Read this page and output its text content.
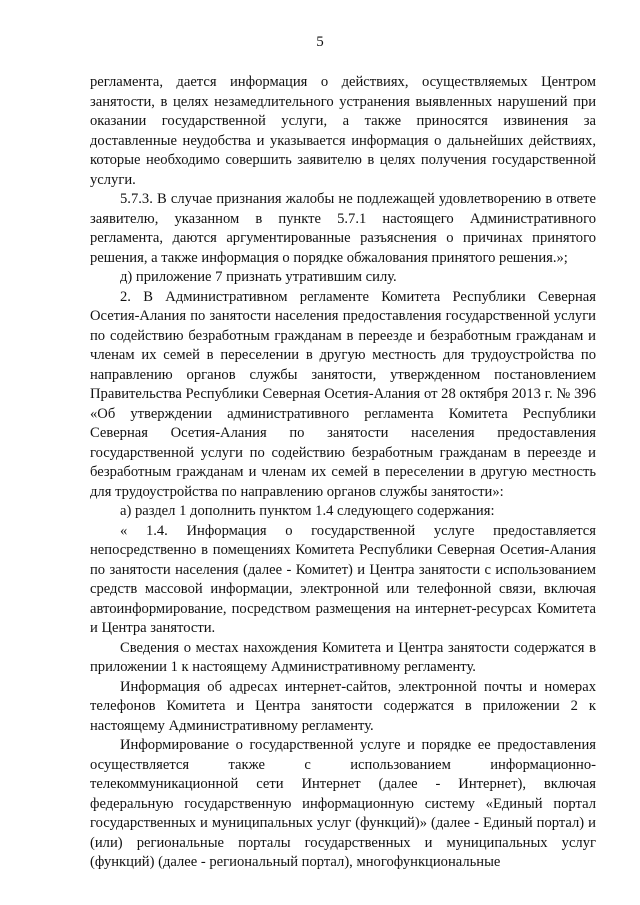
5

регламента, дается информация о действиях, осуществляемых Центром занятости, в целях незамедлительного устранения выявленных нарушений при оказании государственной услуги, а также приносятся извинения за доставленные неудобства и указывается информация о дальнейших действиях, которые необходимо совершить заявителю в целях получения государственной услуги.

5.7.3. В случае признания жалобы не подлежащей удовлетворению в ответе заявителю, указанном в пункте 5.7.1 настоящего Административного регламента, даются аргументированные разъяснения о причинах принятого решения, а также информация о порядке обжалования принятого решения.»;

д) приложение 7 признать утратившим силу.

2. В Административном регламенте Комитета Республики Северная Осетия-Алания по занятости населения предоставления государственной услуги по содействию безработным гражданам в переезде и безработным гражданам и членам их семей в переселении в другую местность для трудоустройства по направлению органов службы занятости, утвержденном постановлением Правительства Республики Северная Осетия-Алания от 28 октября 2013 г. № 396 «Об утверждении административного регламента Комитета Республики Северная Осетия-Алания по занятости населения предоставления государственной услуги по содействию безработным гражданам в переезде и безработным гражданам и членам их семей в переселении в другую местность для трудоустройства по направлению органов службы занятости»:

а) раздел 1 дополнить пунктом 1.4 следующего содержания:

« 1.4. Информация о государственной услуге предоставляется непосредственно в помещениях Комитета Республики Северная Осетия-Алания по занятости населения (далее - Комитет) и Центра занятости с использованием средств массовой информации, электронной или телефонной связи, включая автоинформирование, посредством размещения на интернет-ресурсах Комитета и Центра занятости.

Сведения о местах нахождения Комитета и Центра занятости содержатся в приложении 1 к настоящему Административному регламенту.

Информация об адресах интернет-сайтов, электронной почты и номерах телефонов Комитета и Центра занятости содержатся в приложении 2 к настоящему Административному регламенту.

Информирование о государственной услуге и порядке ее предоставления осуществляется также с использованием информационно-телекоммуникационной сети Интернет (далее - Интернет), включая федеральную государственную информационную систему «Единый портал государственных и муниципальных услуг (функций)» (далее - Единый портал) и (или) региональные порталы государственных и муниципальных услуг (функций) (далее - региональный портал), многофункциональные
